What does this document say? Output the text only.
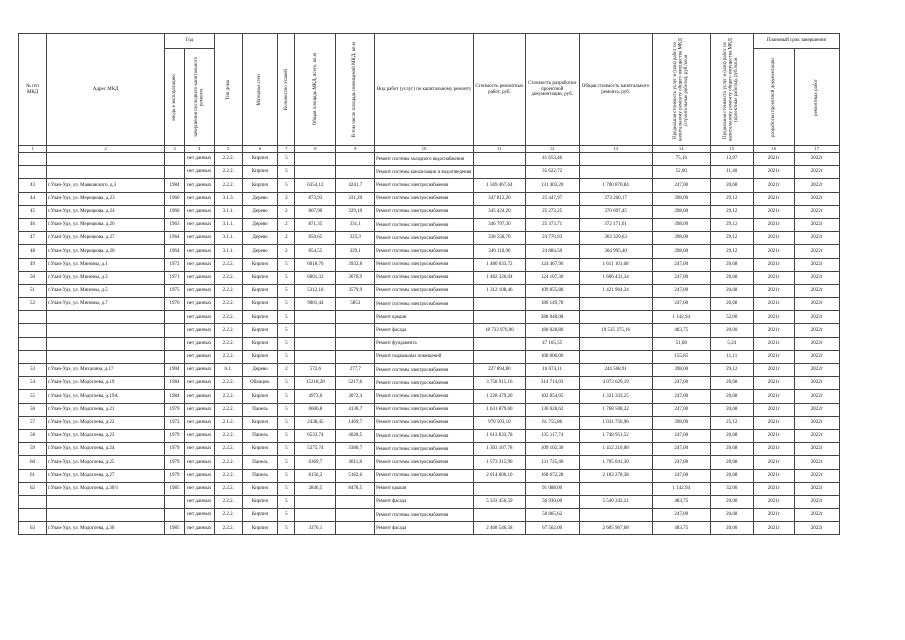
№ п/п МКД	Адрес МКД	Год		Тип дома	Материал стен	Количество этажей	Общая площадь МКД, всего, кв.м	В том числе площадь помещений МКД, кв.м	Вид работ (услуг) по капитальному ремонту	Стоимость ремонтных работ, руб.	Стоимость разработки проектной документации, руб.	Общая стоимость капитального ремонта, руб.	Предельная стоимость услуг и (или) работ по капитальному ремонту общего имущества МКД (строительные работы), руб./кв.м	Предельная стоимость услуг и (или) работ по капитальному ремонту общего имущества МКД (проектные работы), руб./кв.м	Плановый срок завершения	

		ввода в эксплуатацию	завершения последнего капитального ремонта												разработки проектной документации	ремонтных работ

1	2	3	4	5	6	7	8	9	10	11	12	13	14	15	16	17
			нет данных	2.2.2.	Кирпич	5			Ремонт системы холодного водоснабжения		41 653,46		75,16	13,97	2021г	2022г
			нет данных	2.2.2.	Кирпич	5			Ремонт системы канализации и водоотведения		35 622,72		52,00	11,40	2021г	2022г
43	г.Улан-Удэ, ул. Маяковского, д.3	1984	нет данных	2.2.2.	Кирпич	5	6354,12	4241,7	Ремонт системы электроснабжения	1 569 467,64	131 403,20	1 700 870,84	247,00	20,68	2021г	2022г
44	г.Улан-Удэ, ул. Мерецкова, д.23	1960	нет данных	3.1.3.	Дерево	2	873,93	331,20	Ремонт системы электроснабжения	347 812,20	25 447,97	373 260,17	398,00	29,12	2021г	2022г
45	г.Улан-Удэ, ул. Мерецкова, д.24	1960	нет данных	3.1.1.	Дерево	2	867,90	329,10	Ремонт системы электроснабжения	345 424,20	25 273,25	370 697,45	398,00	29,12	2021г	2022г
46	г.Улан-Удэ, ул. Мерецкова, д.26	1963	нет данных	3.1.1.	Дерево	2	871,35	331,1	Ремонт системы электроснабжения	346 797,30	25 373,71	372 171,01	398,00	29,12	2021г	2022г
47	г.Улан-Удэ, ул. Мерецкова, д.27	1964	нет данных	3.1.1.	Дерево	2	850,65	325,3	Ремонт системы электроснабжения	338 558,70	24 770,93	363 329,63	398,00	29,12	2021г	2022г
48	г.Улан-Удэ, ул. Мерецкова, д.28	1964	нет данных	3.1.1.	Дерево	2	854,55	329,1	Ремонт системы электроснабжения	340 110,90	24 884,50	364 995,40	398,00	29,12	2021г	2022г
49	г.Улан-Удэ, ул. Миномы, д.1	1972	нет данных	2.2.2.	Кирпич	5	6018,76	3932,8	Ремонт системы электроснабжения	1 486 633,72	124 467,96	1 611 101,68	247,00	20,68	2021г	2022г
50	г.Улан-Удэ, ул. Миномы, д.3	1971	нет данных	2.2.2.	Кирпич	5	6001,32	3670,9	Ремонт системы электроснабжения	1 482 326,04	124 107,30	1 606 433,34	247,00	20,68	2021г	2022г
51	г.Улан-Удэ, ул. Миномы, д.5	1975	нет данных	2.2.2.	Кирпич	5	5312,18	3579,9	Ремонт системы электроснабжения	1 312 108,46	109 855,88	1 421 964,34	247,00	20,68	2021г	2022г
52	г.Улан-Удэ, ул. Миномы, д.7	1976	нет данных	2.2.2.	Кирпич	5	9001,44	5853	Ремонт системы электроснабжения		186 149,78		247,00	20,68	2021г	2022г
			нет данных	2.2.2.	Кирпич	5			Ремонт крыши		388 048,08		1 142,94	52,00	2021г	2022г
			нет данных	2.2.2.	Кирпич	5			Ремонт фасада	18 733 976,96	180 028,80	19 535 375,16	483,75	20,00	2021г	2022г
			нет данных	2.2.2.	Кирпич	5			Ремонт фундамента		47 165,55		51,68	5,24	2021г	2022г
			нет данных	2.2.2.	Кирпич	5			Ремонт подвальных помещений		100 006,00		155,85	11,11	2021г	2022г
53	г.Улан-Удэ, ул. Михалина, д.17	1904	нет данных	6.1.	Дерево	2	572,6	277,7	Ремонт системы электроснабжения	227 894,80	16 674,11	244 568,91	398,00	29,12	2021г	2022г
54	г.Улан-Удэ, ул. Модогоева, д.19	1984	нет данных	2.2.2.	Облицов.	5	15218,28	5217,6	Ремонт системы электроснабжения	3 758 915,16	314 714,03	4 073 629,19	247,00	20,68	2021г	2022г
55	г.Улан-Удэ, ул. Модогоева, д.19А	1984	нет данных	2.2.2.	Кирпич	5	4973,6	3072,4	Ремонт системы электроснабжения	1 228 479,20	102 854,05	1 331 333,25	247,00	20,68	2021г	2022г
56	г.Улан-Удэ, ул. Модогоева, д.21	1979	нет данных	2.2.2.	Панель	5	6606,8	4130,7	Ремонт системы электроснабжения	1 631 879,60	136 628,62	1 768 508,22	247,00	20,68	2021г	2022г
57	г.Улан-Удэ, ул. Модогоева, д.22	1972	нет данных	2.1.2.	Кирпич	5	2438,45	1469,7	Ремонт системы электроснабжения	970 503,10	61 755,86	1 031 756,96	398,00	25,12	2021г	2022г
58	г.Улан-Удэ, ул. Модогоева, д.23	1979	нет данных	2.2.2.	Панель	5	6533,74	4028,5	Ремонт системы электроснабжения	1 613 833,78	135 117,74	1 748 951,52	247,00	20,68	2021г	2022г
59	г.Улан-Удэ, ул. Модогоева, д.24	1979	нет данных	2.2.2.	Кирпич	5	5275,74	3380,7	Ремонт системы электроснабжения	1 303 107,78	109 102,30	1 412 210,08	247,00	20,68	2021г	2022г
60	г.Улан-Удэ, ул. Модогоева, д.25	1979	нет данных	2.2.2.	Панель	5	6369,7	4011,8	Ремонт системы электроснабжения	1 573 315,90	131 725,40	1 705 041,30	247,00	20,68	2021г	2022г
61	г.Улан-Удэ, ул. Модогоева, д.27	1979	нет данных	2.2.2.	Панель	5	8156,3	5182,6	Ремонт системы электроснабжения	2 014 606,10	168 672,28	2 183 278,38	247,00	20,68	2021г	2022г
62	г.Улан-Удэ, ул. Модогоева, д.30/1	1985	нет данных	2.2.2.	Кирпич	5	2846,5	8478,5	Ремонт крыши		91 088,00		1 142,94	32,00	2021г	2022г
			нет данных	2.2.2.	Кирпич	5			Ремонт фасада	5 333 456,59	56 930,00	5 540 342,21	483,75	20,00	2021г	2022г
			нет данных	2.2.2.	Кирпич	5			Ремонт системы электроснабжения		58 865,62		247,00	20,68	2021г	2022г
63	г.Улан-Удэ, ул. Модогоева, д.30	1985	нет данных	2.2.2.	Кирпич	5	3376,1		Ремонт фасада	2 468 546,58	67 562,00	2 605 967,68	483,75	20,00	2021г	2022г
